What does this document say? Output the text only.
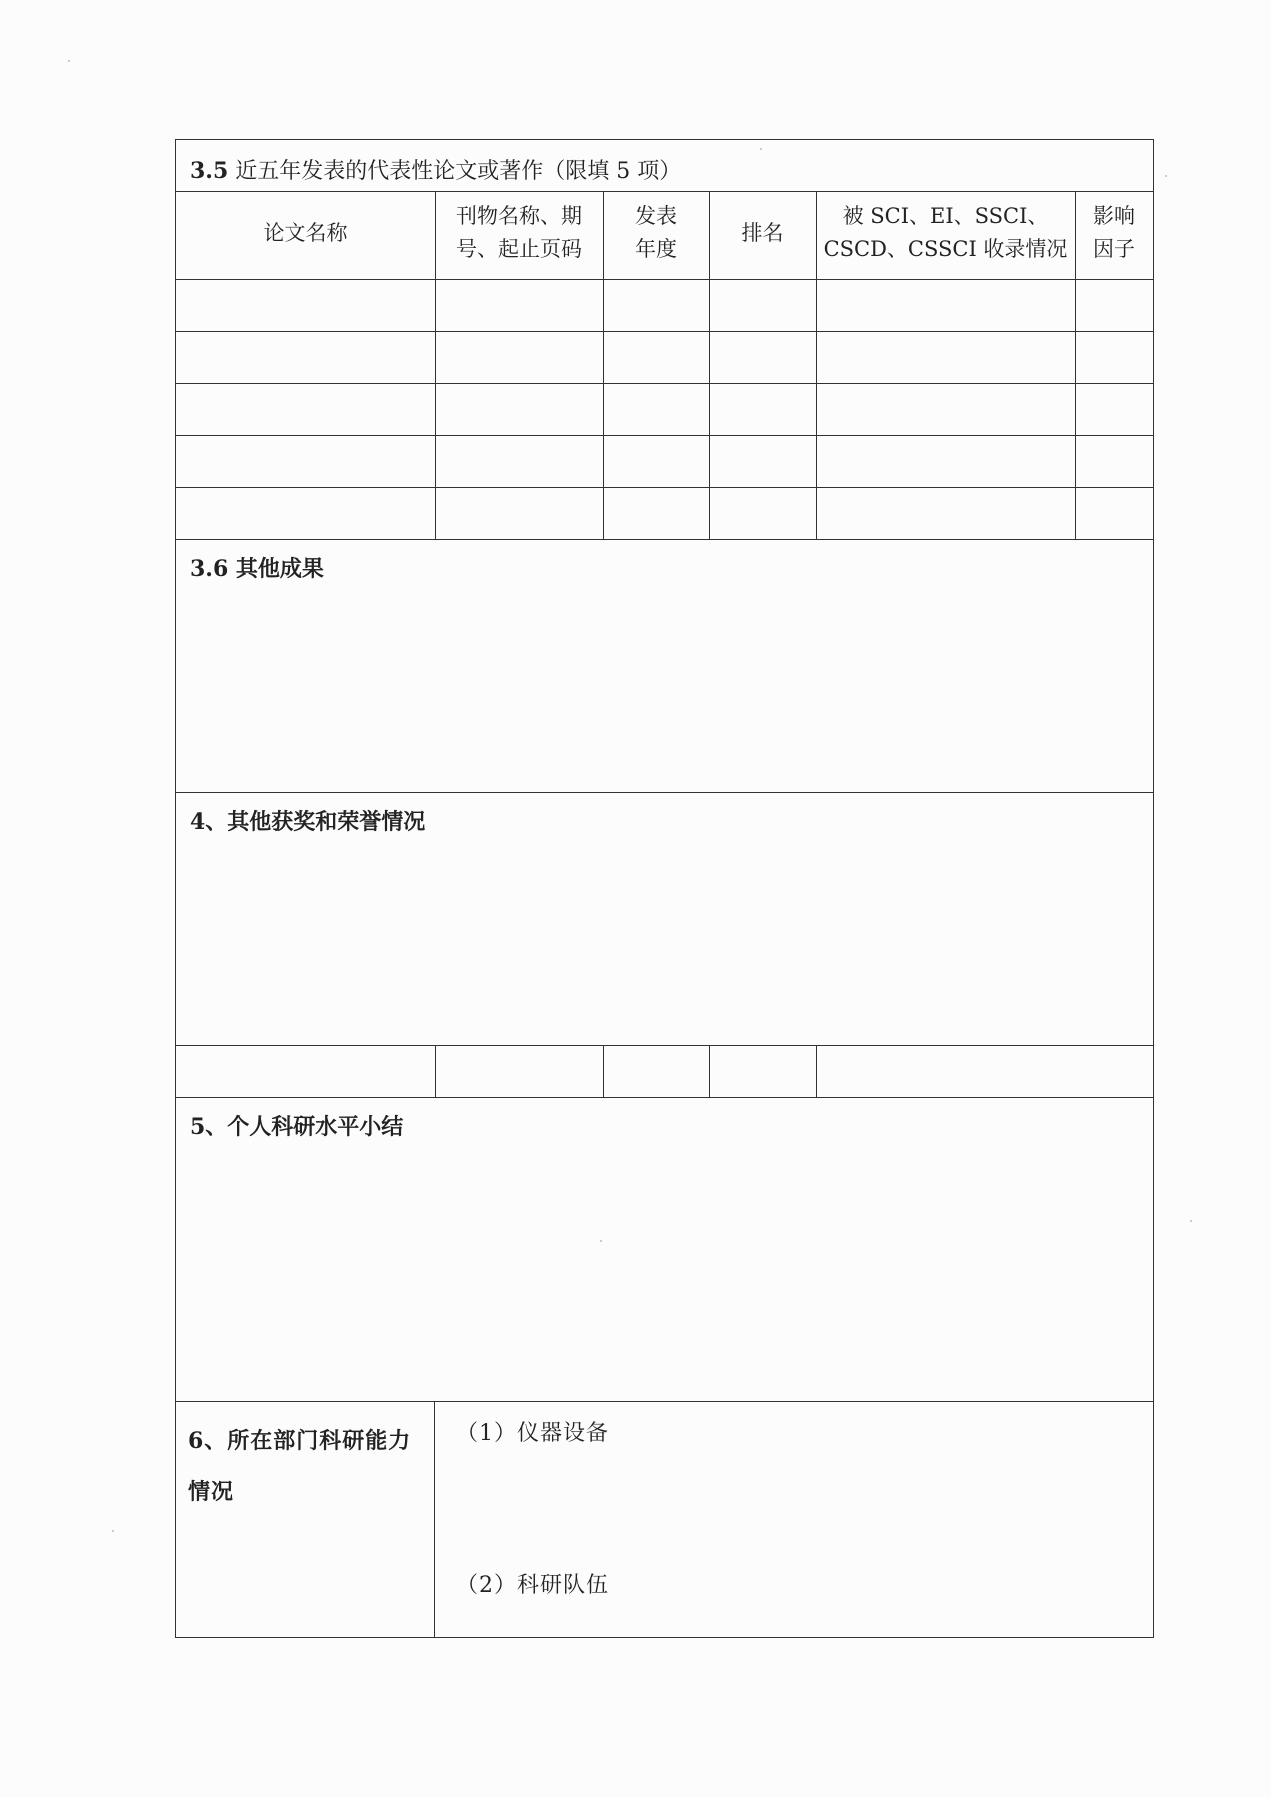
3.5 近五年发表的代表性论文或著作（限填 5 项）
论文名称
刊物名称、期
号、起止页码
发表
年度
排名
被 SCI、EI、SSCI、
CSCD、CSSCI 收录情况
影响
因子
3.6 其他成果
4、其他获奖和荣誉情况
5、个人科研水平小结
6、所在部门科研能力
情况
（1）仪器设备
（2）科研队伍
